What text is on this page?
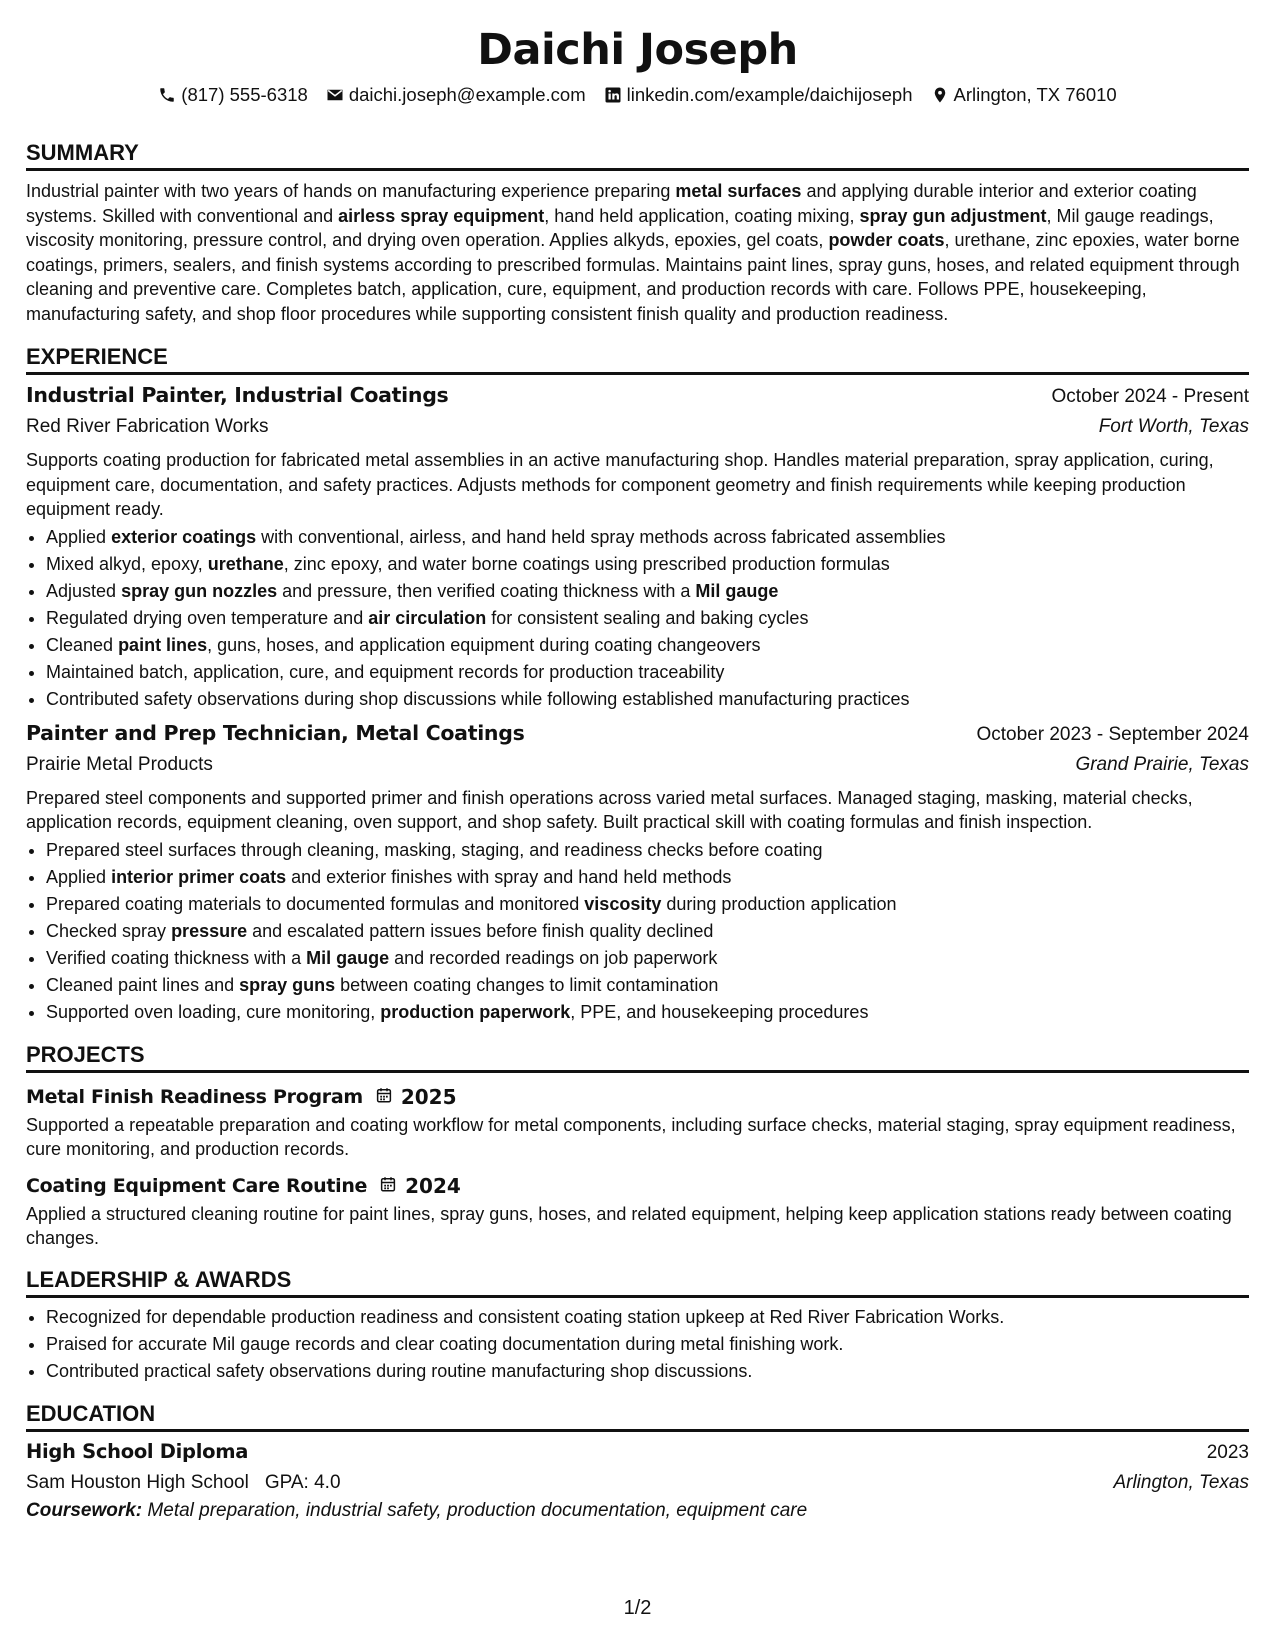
Daichi Joseph
(817) 555-6318 daichi.joseph@example.com linkedin.com/example/daichijoseph Arlington, TX 76010
SUMMARY

Industrial painter with two years of hands on manufacturing experience preparing metal surfaces and applying durable interior and exterior coating systems. Skilled with conventional and airless spray equipment, hand held application, coating mixing, spray gun adjustment, Mil gauge readings, viscosity monitoring, pressure control, and drying oven operation. Applies alkyds, epoxies, gel coats, powder coats, urethane, zinc epoxies, water borne coatings, primers, sealers, and finish systems according to prescribed formulas. Maintains paint lines, spray guns, hoses, and related equipment through cleaning and preventive care. Completes batch, application, cure, equipment, and production records with care. Follows PPE, housekeeping, manufacturing safety, and shop floor procedures while supporting consistent finish quality and production readiness.

EXPERIENCE
Industrial Painter, Industrial Coatings	October 2024 - Present
Red River Fabrication Works	Fort Worth, Texas

Supports coating production for fabricated metal assemblies in an active manufacturing shop. Handles material preparation, spray application, curing, equipment care, documentation, and safety practices. Adjusts methods for component geometry and finish requirements while keeping production equipment ready.

• Applied exterior coatings with conventional, airless, and hand held spray methods across fabricated assemblies
• Mixed alkyd, epoxy, urethane, zinc epoxy, and water borne coatings using prescribed production formulas
• Adjusted spray gun nozzles and pressure, then verified coating thickness with a Mil gauge
• Regulated drying oven temperature and air circulation for consistent sealing and baking cycles
• Cleaned paint lines, guns, hoses, and application equipment during coating changeovers
• Maintained batch, application, cure, and equipment records for production traceability
• Contributed safety observations during shop discussions while following established manufacturing practices
Painter and Prep Technician, Metal Coatings	October 2023 - September 2024
Prairie Metal Products	Grand Prairie, Texas

Prepared steel components and supported primer and finish operations across varied metal surfaces. Managed staging, masking, material checks, application records, equipment cleaning, oven support, and shop safety. Built practical skill with coating formulas and finish inspection.

• Prepared steel surfaces through cleaning, masking, staging, and readiness checks before coating
• Applied interior primer coats and exterior finishes with spray and hand held methods
• Prepared coating materials to documented formulas and monitored viscosity during production application
• Checked spray pressure and escalated pattern issues before finish quality declined
• Verified coating thickness with a Mil gauge and recorded readings on job paperwork
• Cleaned paint lines and spray guns between coating changes to limit contamination
• Supported oven loading, cure monitoring, production paperwork, PPE, and housekeeping procedures
PROJECTS
Metal Finish Readiness Program 2025

Supported a repeatable preparation and coating workflow for metal components, including surface checks, material staging, spray equipment readiness, cure monitoring, and production records.

Coating Equipment Care Routine 2024

Applied a structured cleaning routine for paint lines, spray guns, hoses, and related equipment, helping keep application stations ready between coating changes.

LEADERSHIP & AWARDS
• Recognized for dependable production readiness and consistent coating station upkeep at Red River Fabrication Works.
• Praised for accurate Mil gauge records and clear coating documentation during metal finishing work.
• Contributed practical safety observations during routine manufacturing shop discussions.
EDUCATION
High School Diploma	2023
Sam Houston High School GPA: 4.0	Arlington, Texas
Coursework: Metal preparation, industrial safety, production documentation, equipment care
1/2
